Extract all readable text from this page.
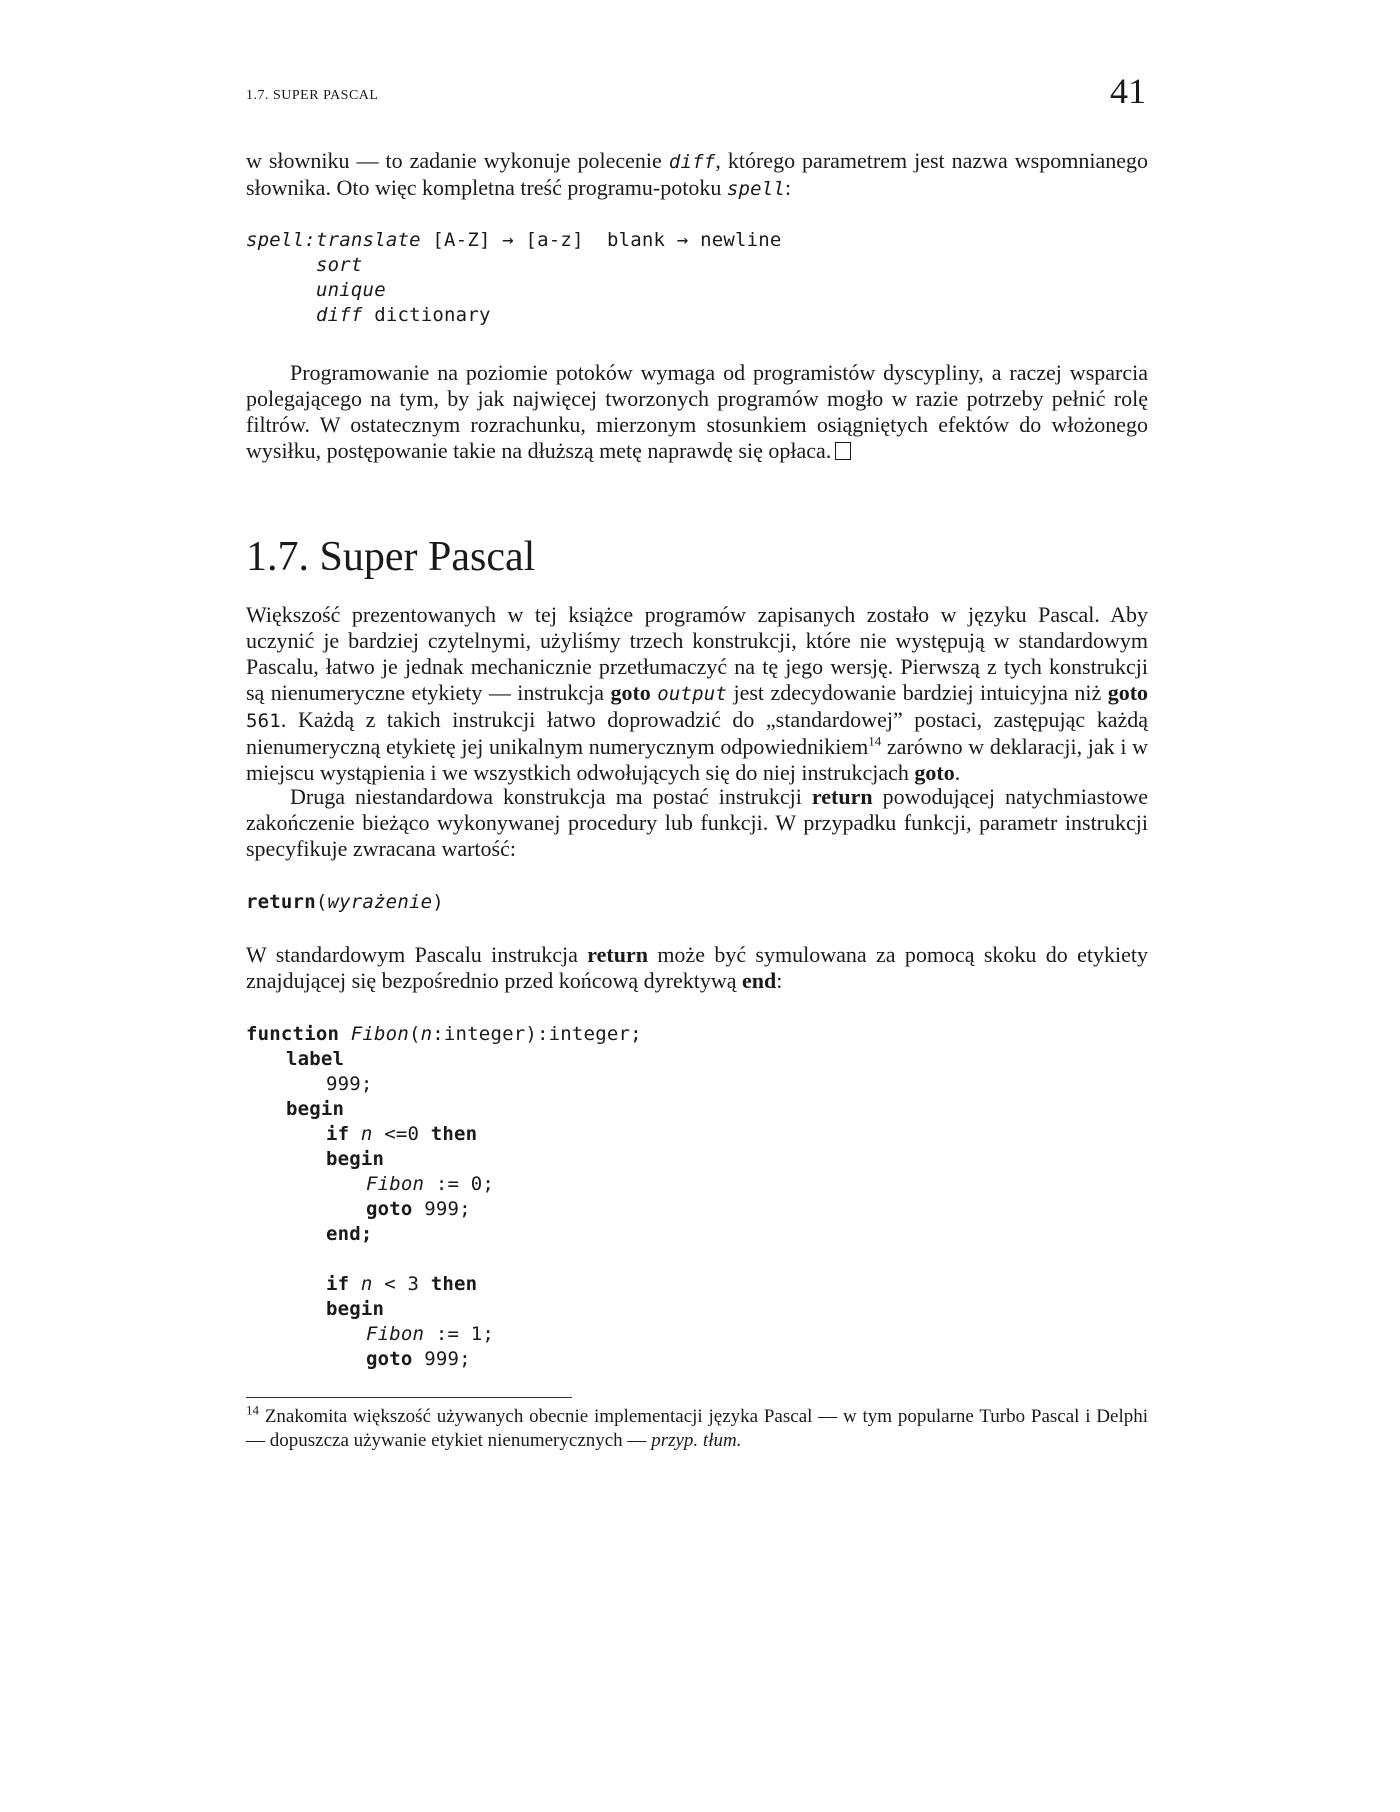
1.7. SUPER PASCAL	41
w słowniku — to zadanie wykonuje polecenie diff, którego parametrem jest nazwa wspomnianego słownika. Oto więc kompletna treść programu-potoku spell:
spell: translate [A-Z] → [a-z]  blank → newline
sort
unique
diff dictionary
Programowanie na poziomie potoków wymaga od programistów dyscypliny, a raczej wsparcia polegającego na tym, by jak najwięcej tworzonych programów mogło w razie potrzeby pełnić rolę filtrów. W ostatecznym rozrachunku, mierzonym stosunkiem osiągniętych efektów do włożonego wysiłku, postępowanie takie na dłuższą metę naprawdę się opłaca.
1.7. Super Pascal
Większość prezentowanych w tej książce programów zapisanych zostało w języku Pascal. Aby uczynić je bardziej czytelnymi, użyliśmy trzech konstrukcji, które nie występują w standardowym Pascalu, łatwo je jednak mechanicznie przetłumaczyć na tę jego wersję. Pierwszą z tych konstrukcji są nienumeryczne etykiety — instrukcja goto output jest zdecydowanie bardziej intuicyjna niż goto 561. Każdą z takich instrukcji łatwo doprowadzić do „standardowej” postaci, zastępując każdą nienumeryczną etykietę jej unikalnym numerycznym odpowiednikiem$^{14}$ zarówno w deklaracji, jak i w miejscu wystąpienia i we wszystkich odwołujących się do niej instrukcjach goto.
Druga niestandardowa konstrukcja ma postać instrukcji return powodującej natychmiastowe zakończenie bieżąco wykonywanej procedury lub funkcji. W przypadku funkcji, parametr instrukcji specyfikuje zwracana wartość:
return(wyrażenie)
W standardowym Pascalu instrukcja return może być symulowana za pomocą skoku do etykiety znajdującej się bezpośrednio przed końcową dyrektywą end:
function Fibon(n:integer):integer;
label
999;
begin
if n <=0 then
begin
Fibon := 0;
goto 999;
end;
if n < 3 then
begin
Fibon := 1;
goto 999;
$^{14}$ Znakomita większość używanych obecnie implementacji języka Pascal — w tym popularne Turbo Pascal i Delphi — dopuszcza używanie etykiet nienumerycznych — przyp. tłum.
